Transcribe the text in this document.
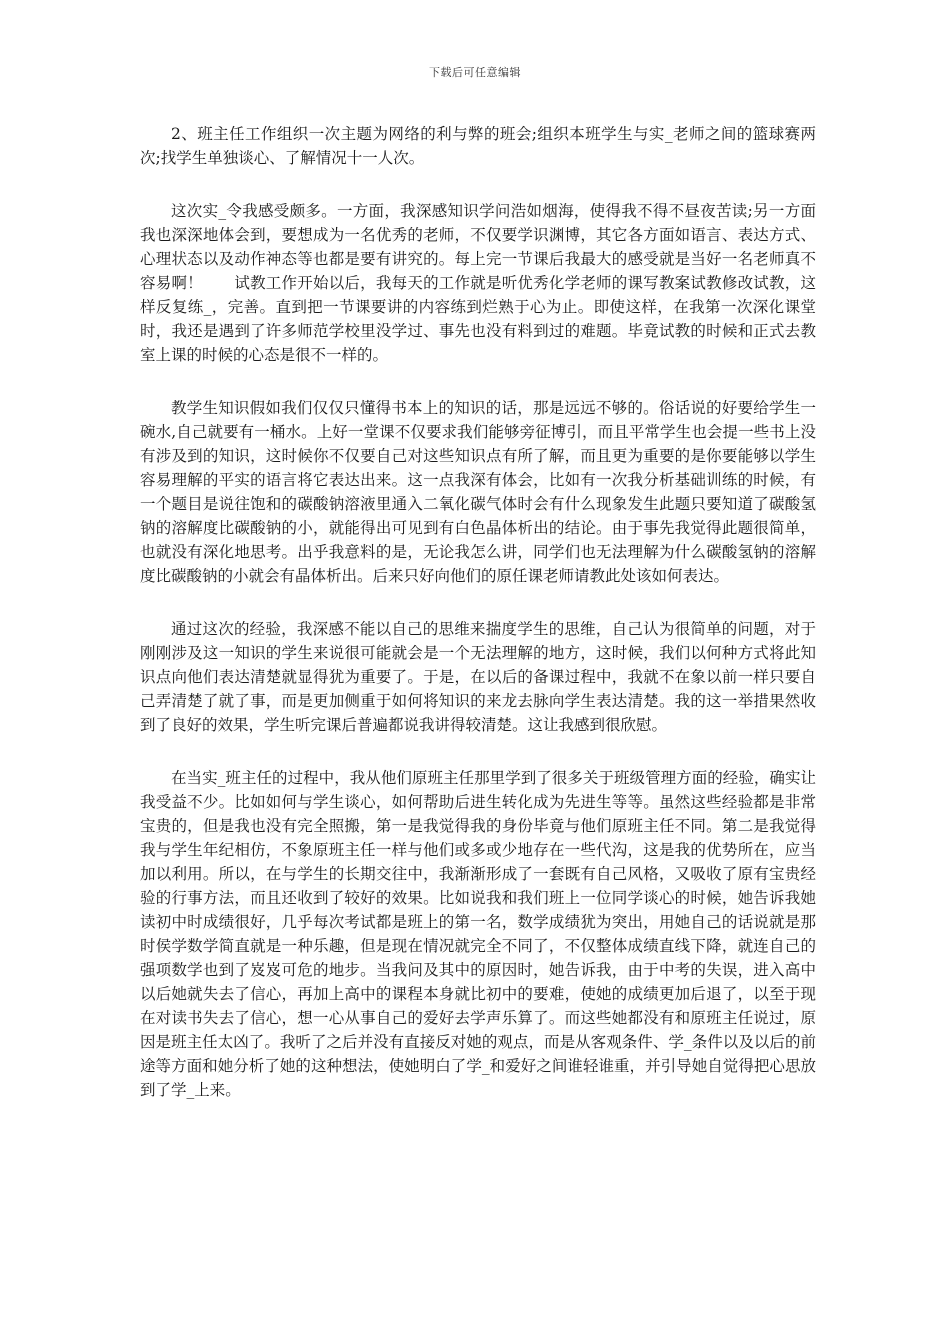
下载后可任意编辑

2、班主任工作组织一次主题为网络的利与弊的班会;组织本班学生与实_老师之间的篮球赛两次;找学生单独谈心、了解情况十一人次。

这次实_令我感受颇多。一方面，我深感知识学问浩如烟海，使得我不得不昼夜苦读;另一方面我也深深地体会到，要想成为一名优秀的老师，不仅要学识渊博，其它各方面如语言、表达方式、心理状态以及动作神态等也都是要有讲究的。每上完一节课后我最大的感受就是当好一名老师真不容易啊！　　试教工作开始以后，我每天的工作就是听优秀化学老师的课写教案试教修改试教，这样反复练_，完善。直到把一节课要讲的内容练到烂熟于心为止。即使这样，在我第一次深化课堂时，我还是遇到了许多师范学校里没学过、事先也没有料到过的难题。毕竟试教的时候和正式去教室上课的时候的心态是很不一样的。

教学生知识假如我们仅仅只懂得书本上的知识的话，那是远远不够的。俗话说的好要给学生一碗水,自己就要有一桶水。上好一堂课不仅要求我们能够旁征博引，而且平常学生也会提一些书上没有涉及到的知识，这时候你不仅要自己对这些知识点有所了解，而且更为重要的是你要能够以学生容易理解的平实的语言将它表达出来。这一点我深有体会，比如有一次我分析基础训练的时候，有一个题目是说往饱和的碳酸钠溶液里通入二氧化碳气体时会有什么现象发生此题只要知道了碳酸氢钠的溶解度比碳酸钠的小，就能得出可见到有白色晶体析出的结论。由于事先我觉得此题很简单，也就没有深化地思考。出乎我意料的是，无论我怎么讲，同学们也无法理解为什么碳酸氢钠的溶解度比碳酸钠的小就会有晶体析出。后来只好向他们的原任课老师请教此处该如何表达。

通过这次的经验，我深感不能以自己的思维来揣度学生的思维，自己认为很简单的问题，对于刚刚涉及这一知识的学生来说很可能就会是一个无法理解的地方，这时候，我们以何种方式将此知识点向他们表达清楚就显得犹为重要了。于是，在以后的备课过程中，我就不在象以前一样只要自己弄清楚了就了事，而是更加侧重于如何将知识的来龙去脉向学生表达清楚。我的这一举措果然收到了良好的效果，学生听完课后普遍都说我讲得较清楚。这让我感到很欣慰。

在当实_班主任的过程中，我从他们原班主任那里学到了很多关于班级管理方面的经验，确实让我受益不少。比如如何与学生谈心，如何帮助后进生转化成为先进生等等。虽然这些经验都是非常宝贵的，但是我也没有完全照搬，第一是我觉得我的身份毕竟与他们原班主任不同。第二是我觉得我与学生年纪相仿，不象原班主任一样与他们或多或少地存在一些代沟，这是我的优势所在，应当加以利用。所以，在与学生的长期交往中，我渐渐形成了一套既有自己风格，又吸收了原有宝贵经验的行事方法，而且还收到了较好的效果。比如说我和我们班上一位同学谈心的时候，她告诉我她读初中时成绩很好，几乎每次考试都是班上的第一名，数学成绩犹为突出，用她自己的话说就是那时侯学数学简直就是一种乐趣，但是现在情况就完全不同了，不仅整体成绩直线下降，就连自己的强项数学也到了岌岌可危的地步。当我问及其中的原因时，她告诉我，由于中考的失误，进入高中以后她就失去了信心，再加上高中的课程本身就比初中的要难，使她的成绩更加后退了，以至于现在对读书失去了信心，想一心从事自己的爱好去学声乐算了。而这些她都没有和原班主任说过，原因是班主任太凶了。我听了之后并没有直接反对她的观点，而是从客观条件、学_条件以及以后的前途等方面和她分析了她的这种想法，使她明白了学_和爱好之间谁轻谁重，并引导她自觉得把心思放到了学_上来。
